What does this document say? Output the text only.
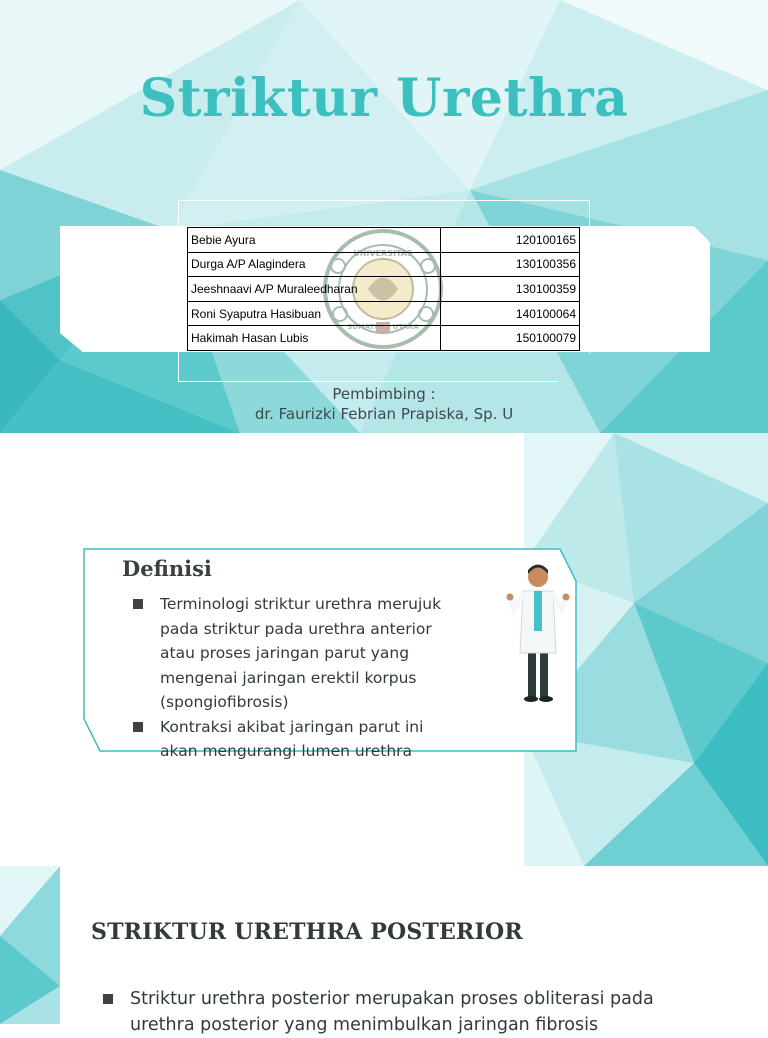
Striktur Urethra
UNIVERSITAS
SUMATERA UTARA
Bebie Ayura	120100165
Durga A/P Alagindera	130100356
Jeeshnaavi A/P Muraleedharan	130100359
Roni Syaputra Hasibuan	140100064
Hakimah Hasan Lubis	150100079
Pembimbing :
dr. Faurizki Febrian Prapiska, Sp. U
Definisi
Terminologi striktur urethra merujuk pada striktur pada urethra anterior atau proses jaringan parut yang mengenai jaringan erektil korpus (spongiofibrosis)
Kontraksi akibat jaringan parut ini akan mengurangi lumen urethra
STRIKTUR URETHRA POSTERIOR
Striktur urethra posterior merupakan proses obliterasi pada urethra posterior yang menimbulkan jaringan fibrosis
